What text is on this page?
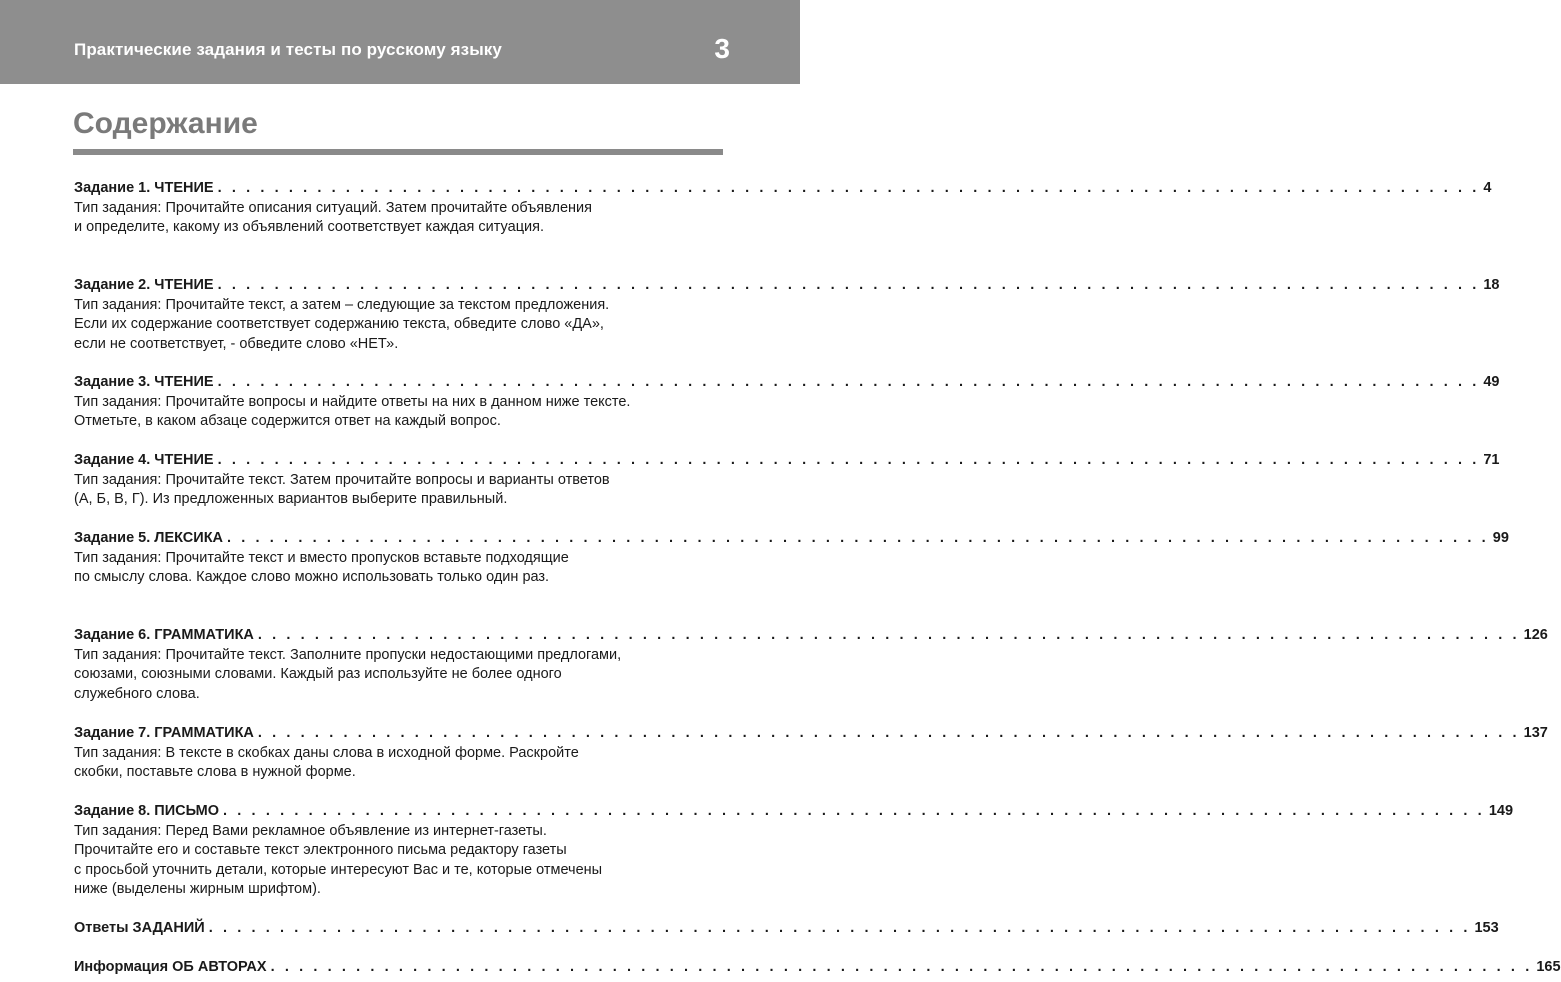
Практические задания и тесты по русскому языку	3
Содержание
Задание 1. ЧТЕНИЕ . . . . . . . . . . . . . . . . . . . . . . . . . . . . . . . . . . . . . . . . . . . . . . . . . . . . . . . . . . . . . . . . . . . . . . . . . . . . . . . . . . . . . . . . . 4
Тип задания: Прочитайте описания ситуаций. Затем прочитайте объявления
и определите, какому из объявлений соответствует каждая ситуация.
Задание 2. ЧТЕНИЕ . . . . . . . . . . . . . . . . . . . . . . . . . . . . . . . . . . . . . . . . . . . . . . . . . . . . . . . . . . . . . . . . . . . . . . . . . . . . . . . . . . . . . . . . . 18
Тип задания: Прочитайте текст, а затем – следующие за текстом предложения.
Если их содержание соответствует содержанию текста, обведите слово «ДА»,
если не соответствует, - обведите слово «НЕТ».
Задание 3. ЧТЕНИЕ . . . . . . . . . . . . . . . . . . . . . . . . . . . . . . . . . . . . . . . . . . . . . . . . . . . . . . . . . . . . . . . . . . . . . . . . . . . . . . . . . . . . . . . . . 49
Тип задания: Прочитайте вопросы и найдите ответы на них в данном ниже тексте.
Отметьте, в каком абзаце содержится ответ на каждый вопрос.
Задание 4. ЧТЕНИЕ . . . . . . . . . . . . . . . . . . . . . . . . . . . . . . . . . . . . . . . . . . . . . . . . . . . . . . . . . . . . . . . . . . . . . . . . . . . . . . . . . . . . . . . . . 71
Тип задания: Прочитайте текст. Затем прочитайте вопросы и варианты ответов
(А, Б, В, Г). Из предложенных вариантов выберите правильный.
Задание 5. ЛЕКСИКА . . . . . . . . . . . . . . . . . . . . . . . . . . . . . . . . . . . . . . . . . . . . . . . . . . . . . . . . . . . . . . . . . . . . . . . . . . . . . . . . . . . . . . . . . 99
Тип задания: Прочитайте текст и вместо пропусков вставьте подходящие
по смыслу слова. Каждое слово можно использовать только один раз.
Задание 6. ГРАММАТИКА . . . . . . . . . . . . . . . . . . . . . . . . . . . . . . . . . . . . . . . . . . . . . . . . . . . . . . . . . . . . . . . . . . . . . . . . . . . . . . . . . . . . . . . . . 126
Тип задания: Прочитайте текст. Заполните пропуски недостающими предлогами,
союзами, союзными словами. Каждый раз используйте не более одного
служебного слова.
Задание 7. ГРАММАТИКА . . . . . . . . . . . . . . . . . . . . . . . . . . . . . . . . . . . . . . . . . . . . . . . . . . . . . . . . . . . . . . . . . . . . . . . . . . . . . . . . . . . . . . . . . 137
Тип задания: В тексте в скобках даны слова в исходной форме. Раскройте
скобки, поставьте слова в нужной форме.
Задание 8. ПИСЬМО . . . . . . . . . . . . . . . . . . . . . . . . . . . . . . . . . . . . . . . . . . . . . . . . . . . . . . . . . . . . . . . . . . . . . . . . . . . . . . . . . . . . . . . . . 149
Тип задания: Перед Вами рекламное объявление из интернет-газеты.
Прочитайте его и составьте текст электронного письма редактору газеты
с просьбой уточнить детали, которые интересуют Вас и те, которые отмечены
ниже (выделены жирным шрифтом).
Ответы ЗАДАНИЙ . . . . . . . . . . . . . . . . . . . . . . . . . . . . . . . . . . . . . . . . . . . . . . . . . . . . . . . . . . . . . . . . . . . . . . . . . . . . . . . . . . . . . . . . . 153
Информация ОБ АВТОРАХ . . . . . . . . . . . . . . . . . . . . . . . . . . . . . . . . . . . . . . . . . . . . . . . . . . . . . . . . . . . . . . . . . . . . . . . . . . . . . . . . . . . . . . . . . 165
